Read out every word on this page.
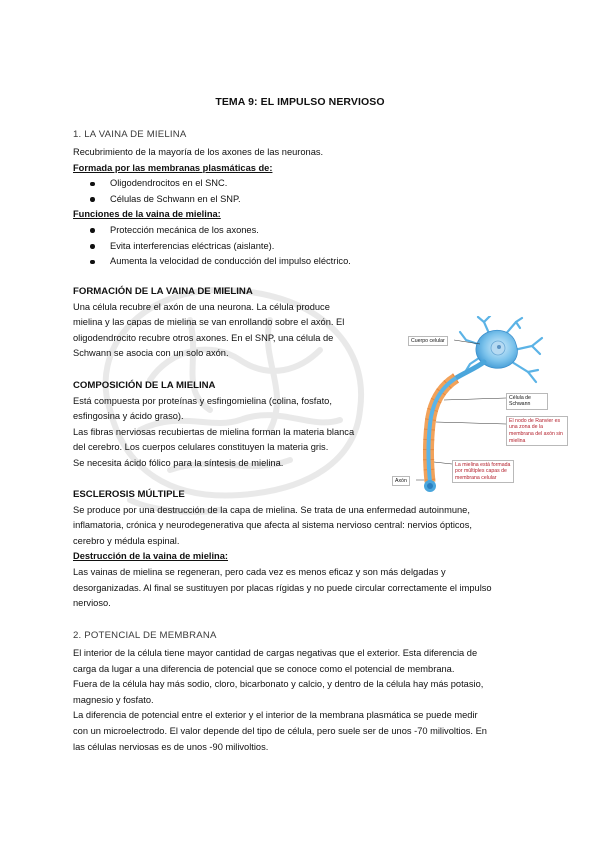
TEMA 9: EL IMPULSO NERVIOSO
1. LA VAINA DE MIELINA

Recubrimiento de la mayoría de los axones de las neuronas.

Formada por las membranas plasmáticas de:

Oligodendrocitos en el SNC.
Células de Schwann en el SNP.

Funciones de la vaina de mielina:

Protección mecánica de los axones.
Evita interferencias eléctricas (aislante).
Aumenta la velocidad de conducción del impulso eléctrico.
FORMACIÓN DE LA VAINA DE MIELINA

Una célula recubre el axón de una neurona. La célula produce

mielina y las capas de mielina se van enrollando sobre el axón. El

oligodendrocito recubre otros axones. En el SNP, una célula de

Schwann se asocia con un solo axón.

COMPOSICIÓN DE LA MIELINA

Está compuesta por proteínas y esfingomielina (colina, fosfato,

esfingosina y ácido graso).

Las fibras nerviosas recubiertas de mielina forman la materia blanca

del cerebro. Los cuerpos celulares constituyen la materia gris.

Se necesita ácido fólico para la síntesis de mielina.

ESCLEROSIS MÚLTIPLE

Se produce por una destrucción de la capa de mielina. Se trata de una enfermedad autoinmune,

inflamatoria, crónica y neurodegenerativa que afecta al sistema nervioso central: nervios ópticos,

cerebro y médula espinal.

Destrucción de la vaina de mielina:

Las vainas de mielina se regeneran, pero cada vez es menos eficaz y son más delgadas y

desorganizadas. Al final se sustituyen por placas rígidas y no puede circular correctamente el impulso

nervioso.

2. POTENCIAL DE MEMBRANA

El interior de la célula tiene mayor cantidad de cargas negativas que el exterior. Esta diferencia de

carga da lugar a una diferencia de potencial que se conoce como el potencial de membrana.

Fuera de la célula hay más sodio, cloro, bicarbonato y calcio, y dentro de la célula hay más potasio,

magnesio y fosfato.

La diferencia de potencial entre el exterior y el interior de la membrana plasmática se puede medir

con un microelectrodo. El valor depende del tipo de célula, pero suele ser de unos -70 milivoltios. En

las células nerviosas es de unos -90 milivoltios.

Cuerpo celular
Célula de Schwann
El nodo de Ranvier es una zona de la membrana del axón sin mielina
La mielina está formada por múltiples capas de membrana celular
Axón
